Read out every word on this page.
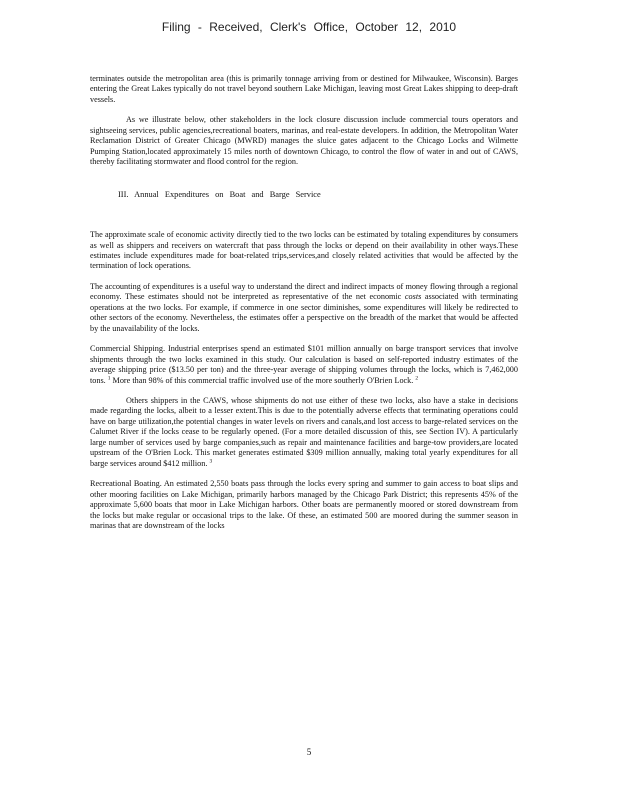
Filing - Received, Clerk's Office, October 12, 2010

terminates outside the metropolitan area (this is primarily tonnage arriving from or destined for Milwaukee, Wisconsin). Barges entering the Great Lakes typically do not travel beyond southern Lake Michigan, leaving most Great Lakes shipping to deep-draft vessels.

As we illustrate below, other stakeholders in the lock closure discussion include commercial tours operators and sightseeing services, public agencies,recreational boaters, marinas, and real-estate developers. In addition, the Metropolitan Water Reclamation District of Greater Chicago (MWRD) manages the sluice gates adjacent to the Chicago Locks and Wilmette Pumping Station,located approximately 15 miles north of downtown Chicago, to control the flow of water in and out of CAWS, thereby facilitating stormwater and flood control for the region.

III. Annual Expenditures on Boat and Barge Service

The approximate scale of economic activity directly tied to the two locks can be estimated by totaling expenditures by consumers as well as shippers and receivers on watercraft that pass through the locks or depend on their availability in other ways.These estimates include expenditures made for boat-related trips,services,and closely related activities that would be affected by the termination of lock operations.

The accounting of expenditures is a useful way to understand the direct and indirect impacts of money flowing through a regional economy. These estimates should not be interpreted as representative of the net economic costs associated with terminating operations at the two locks. For example, if commerce in one sector diminishes, some expenditures will likely be redirected to other sectors of the economy. Nevertheless, the estimates offer a perspective on the breadth of the market that would be affected by the unavailability of the locks.

Commercial Shipping. Industrial enterprises spend an estimated $101 million annually on barge transport services that involve shipments through the two locks examined in this study. Our calculation is based on self-reported industry estimates of the average shipping price ($13.50 per ton) and the three-year average of shipping volumes through the locks, which is 7,462,000 tons. $^1$ More than 98% of this commercial traffic involved use of the more southerly O'Brien Lock. $^2$

Others shippers in the CAWS, whose shipments do not use either of these two locks, also have a stake in decisions made regarding the locks, albeit to a lesser extent.This is due to the potentially adverse effects that terminating operations could have on barge utilization,the potential changes in water levels on rivers and canals,and lost access to barge-related services on the Calumet River if the locks cease to be regularly opened. (For a more detailed discussion of this, see Section IV). A particularly large number of services used by barge companies,such as repair and maintenance facilities and barge-tow providers,are located upstream of the O'Brien Lock. This market generates estimated $309 million annually, making total yearly expenditures for all barge services around $412 million. $^3$

Recreational Boating. An estimated 2,550 boats pass through the locks every spring and summer to gain access to boat slips and other mooring facilities on Lake Michigan, primarily harbors managed by the Chicago Park District; this represents 45% of the approximate 5,600 boats that moor in Lake Michigan harbors. Other boats are permanently moored or stored downstream from the locks but make regular or occasional trips to the lake. Of these, an estimated 500 are moored during the summer season in marinas that are downstream of the locks

5
